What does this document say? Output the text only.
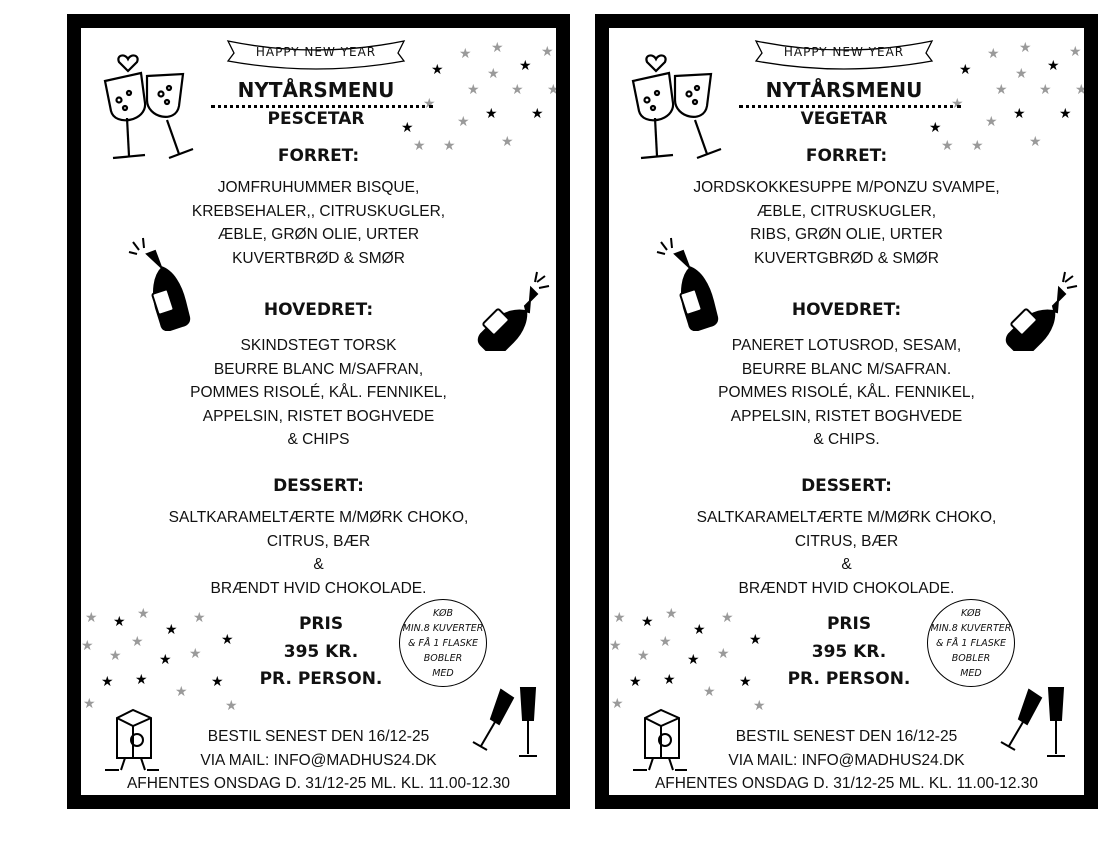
HAPPY NEW YEAR
★
★ ★
★
★
★
★
★
★
★ ★ ★
★
★ ★	★
★
NYTÅRSMENU
PESCETAR
FORRET:
JOMFRUHUMMER BISQUE,
KREBSEHALER,, CITRUSKUGLER,
ÆBLE, GRØN OLIE, URTER
KUVERTBRØD & SMØR
HOVEDRET:
SKINDSTEGT TORSK
BEURRE BLANC M/SAFRAN,
POMMES RISOLÉ, KÅL. FENNIKEL,
APPELSIN, RISTET BOGHVEDE
& CHIPS
DESSERT:
SALTKARAMELTÆRTE M/MØRK CHOKO,
CITRUS, BÆR
&
BRÆNDT HVID CHOKOLADE.
★ ★ ★
★
★
★
★
★
★
★ ★
★
★ ★
★
★
★
PRIS
395 KR.
PR. PERSON.
KØB
MIN.8 KUVERTER
& FÅ 1 FLASKE
BOBLER
MED
BESTIL SENEST DEN 16/12-25
VIA MAIL: INFO@MADHUS24.DK
AFHENTES ONSDAG D. 31/12-25 ML. KL. 11.00-12.30
HAPPY NEW YEAR
★
★ ★
★
★
★
★
★
★
★ ★ ★
★
★ ★	★
★
NYTÅRSMENU
VEGETAR
FORRET:
JORDSKOKKESUPPE M/PONZU SVAMPE,
ÆBLE, CITRUSKUGLER,
RIBS, GRØN OLIE, URTER
KUVERTGBRØD & SMØR
HOVEDRET:
PANERET LOTUSROD, SESAM,
BEURRE BLANC M/SAFRAN.
POMMES RISOLÉ, KÅL. FENNIKEL,
APPELSIN, RISTET BOGHVEDE
& CHIPS.
DESSERT:
SALTKARAMELTÆRTE M/MØRK CHOKO,
CITRUS, BÆR
&
BRÆNDT HVID CHOKOLADE.
★ ★ ★
★
★
★
★
★
★
★ ★
★
★ ★
★
★
★
PRIS
395 KR.
PR. PERSON.
KØB
MIN.8 KUVERTER
& FÅ 1 FLASKE
BOBLER
MED
BESTIL SENEST DEN 16/12-25
VIA MAIL: INFO@MADHUS24.DK
AFHENTES ONSDAG D. 31/12-25 ML. KL. 11.00-12.30
